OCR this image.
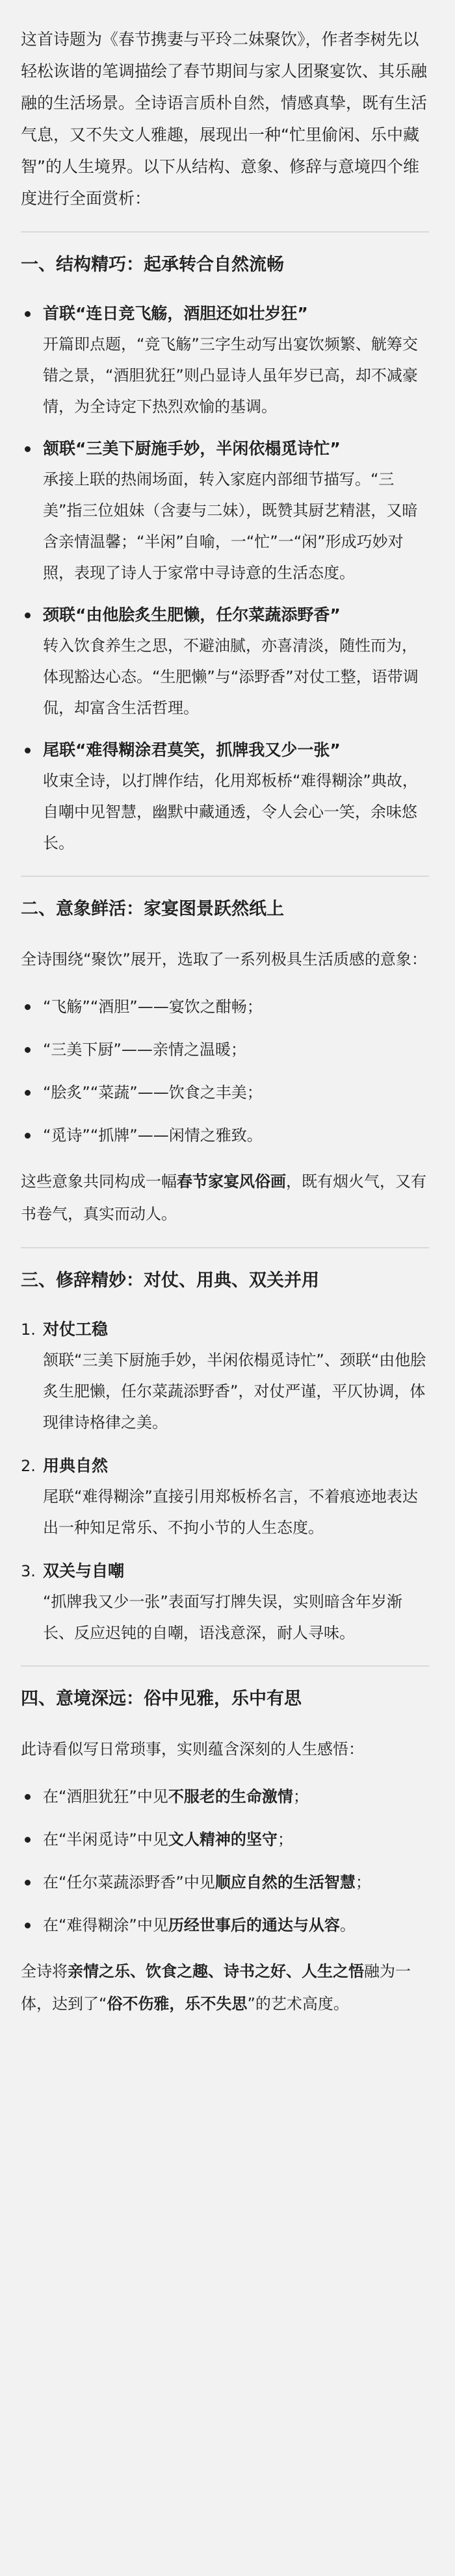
这首诗题为《春节携妻与平玲二妹聚饮》，作者李树先以轻松诙谐的笔调描绘了春节期间与家人团聚宴饮、其乐融融的生活场景。全诗语言质朴自然，情感真挚，既有生活气息，又不失文人雅趣，展现出一种“忙里偷闲、乐中藏智”的人生境界。以下从结构、意象、修辞与意境四个维度进行全面赏析：

一、结构精巧：起承转合自然流畅
首联“连日竞飞觞，酒胆还如壮岁狂”
开篇即点题，“竞飞觞”三字生动写出宴饮频繁、觥筹交错之景，“酒胆犹狂”则凸显诗人虽年岁已高，却不减豪情，为全诗定下热烈欢愉的基调。
颔联“三美下厨施手妙，半闲依榻觅诗忙”
承接上联的热闹场面，转入家庭内部细节描写。“三美”指三位姐妹（含妻与二妹），既赞其厨艺精湛，又暗含亲情温馨；“半闲”自喻，一“忙”一“闲”形成巧妙对照，表现了诗人于家常中寻诗意的生活态度。
颈联“由他脍炙生肥懒，任尔菜蔬添野香”
转入饮食养生之思，不避油腻，亦喜清淡，随性而为，体现豁达心态。“生肥懒”与“添野香”对仗工整，语带调侃，却富含生活哲理。
尾联“难得糊涂君莫笑，抓牌我又少一张”
收束全诗，以打牌作结，化用郑板桥“难得糊涂”典故，自嘲中见智慧，幽默中藏通透，令人会心一笑，余味悠长。
二、意象鲜活：家宴图景跃然纸上

全诗围绕“聚饮”展开，选取了一系列极具生活质感的意象：

“飞觞”“酒胆”——宴饮之酣畅；
“三美下厨”——亲情之温暖；
“脍炙”“菜蔬”——饮食之丰美；
“觅诗”“抓牌”——闲情之雅致。

这些意象共同构成一幅春节家宴风俗画，既有烟火气，又有书卷气，真实而动人。

三、修辞精妙：对仗、用典、双关并用
1. 对仗工稳
颔联“三美下厨施手妙，半闲依榻觅诗忙”、颈联“由他脍炙生肥懒，任尔菜蔬添野香”，对仗严谨，平仄协调，体现律诗格律之美。
2. 用典自然
尾联“难得糊涂”直接引用郑板桥名言，不着痕迹地表达出一种知足常乐、不拘小节的人生态度。
3. 双关与自嘲
“抓牌我又少一张”表面写打牌失误，实则暗含年岁渐长、反应迟钝的自嘲，语浅意深，耐人寻味。
四、意境深远：俗中见雅，乐中有思

此诗看似写日常琐事，实则蕴含深刻的人生感悟：

在“酒胆犹狂”中见不服老的生命激情；
在“半闲觅诗”中见文人精神的坚守；
在“任尔菜蔬添野香”中见顺应自然的生活智慧；
在“难得糊涂”中见历经世事后的通达与从容。

全诗将亲情之乐、饮食之趣、诗书之好、人生之悟融为一体，达到了“俗不伤雅，乐不失思”的艺术高度。
